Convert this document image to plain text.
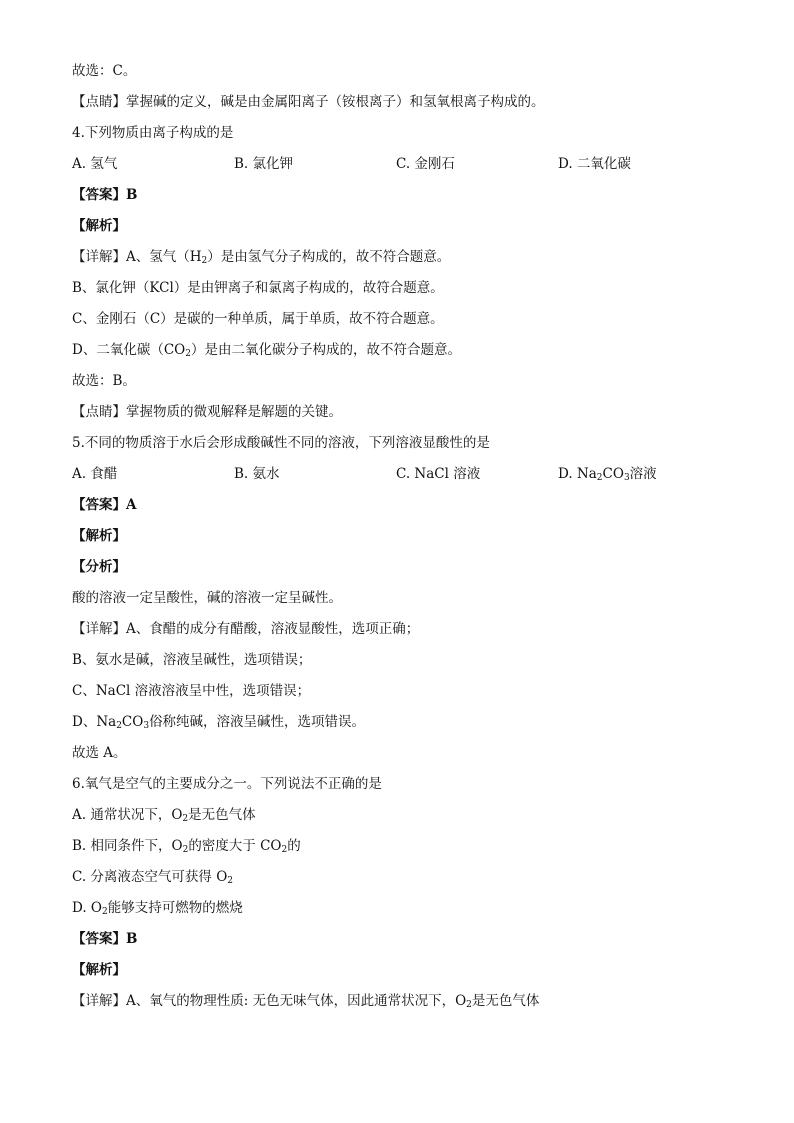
故选：C。
【点睛】掌握碱的定义，碱是由金属阳离子（铵根离子）和氢氧根离子构成的。
4.下列物质由离子构成的是
A. 氢气	B. 氯化钾	C. 金刚石	D. 二氧化碳
【答案】B
【解析】
【详解】A、氢气$(H_2)$是由氢气分子构成的，故不符合题意。
B、氯化钾（KCl）是由钾离子和氯离子构成的，故符合题意。
C、金刚石（C）是碳的一种单质，属于单质，故不符合题意。
D、二氧化碳$(CO_2)$是由二氧化碳分子构成的，故不符合题意。
故选：B。
【点睛】掌握物质的微观解释是解题的关键。
5.不同的物质溶于水后会形成酸碱性不同的溶液，下列溶液显酸性的是
A. 食醋	B. 氨水	C. NaCl 溶液	D. $Na_2CO_3$溶液
【答案】A
【解析】
【分析】
酸的溶液一定呈酸性，碱的溶液一定呈碱性。
【详解】A、食醋的成分有醋酸，溶液显酸性，选项正确；
B、氨水是碱，溶液呈碱性，选项错误；
C、NaCl 溶液溶液呈中性，选项错误；
D、$Na_2CO_3$俗称纯碱，溶液呈碱性，选项错误。
故选 A。
6.氧气是空气的主要成分之一。下列说法不正确的是
A. 通常状况下，$O_2$是无色气体
B. 相同条件下，$O_2$的密度大于 $CO_2$的
C. 分离液态空气可获得 $O_2$
D. $O_2$能够支持可燃物的燃烧
【答案】B
【解析】
【详解】A、氧气的物理性质: 无色无味气体，因此通常状况下，$O_2$是无色气体
